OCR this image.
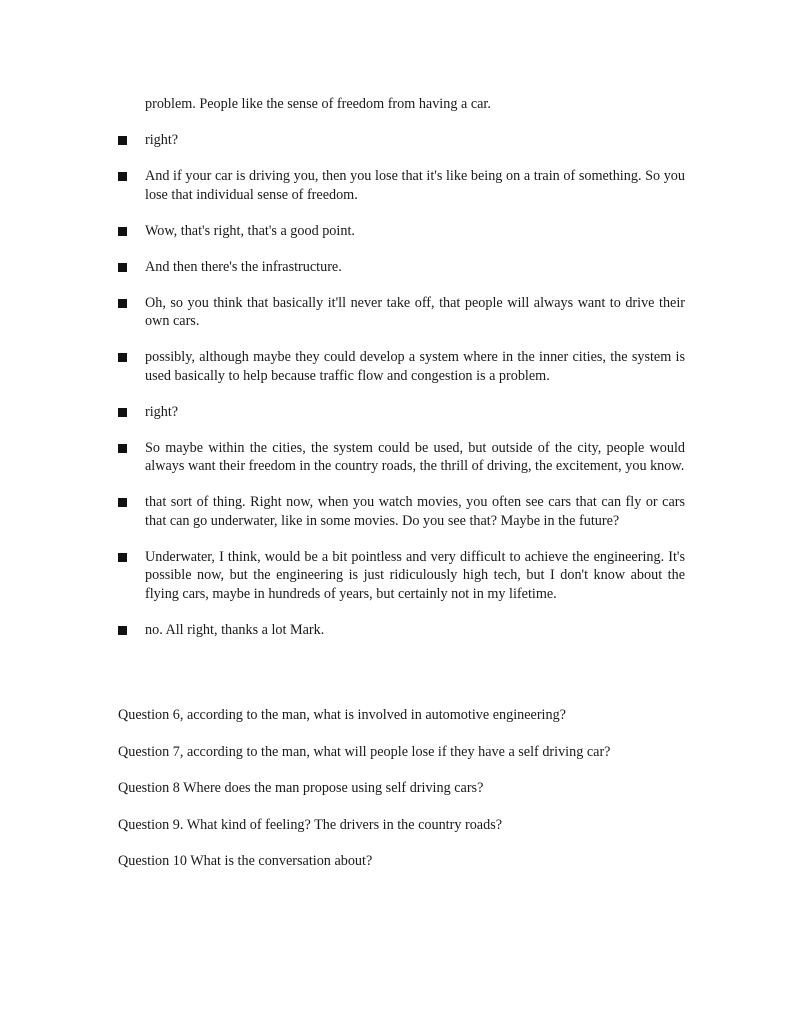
problem. People like the sense of freedom from having a car.
right?
And if your car is driving you, then you lose that it's like being on a train of something. So you lose that individual sense of freedom.
Wow, that's right, that's a good point.
And then there's the infrastructure.
Oh, so you think that basically it'll never take off, that people will always want to drive their own cars.
possibly, although maybe they could develop a system where in the inner cities, the system is used basically to help because traffic flow and congestion is a problem.
right?
So maybe within the cities, the system could be used, but outside of the city, people would always want their freedom in the country roads, the thrill of driving, the excitement, you know.
that sort of thing. Right now, when you watch movies, you often see cars that can fly or cars that can go underwater, like in some movies. Do you see that? Maybe in the future?
Underwater, I think, would be a bit pointless and very difficult to achieve the engineering. It's possible now, but the engineering is just ridiculously high tech, but I don't know about the flying cars, maybe in hundreds of years, but certainly not in my lifetime.
no. All right, thanks a lot Mark.
Question 6, according to the man, what is involved in automotive engineering?
Question 7, according to the man, what will people lose if they have a self driving car?
Question 8 Where does the man propose using self driving cars?
Question 9. What kind of feeling? The drivers in the country roads?
Question 10 What is the conversation about?
